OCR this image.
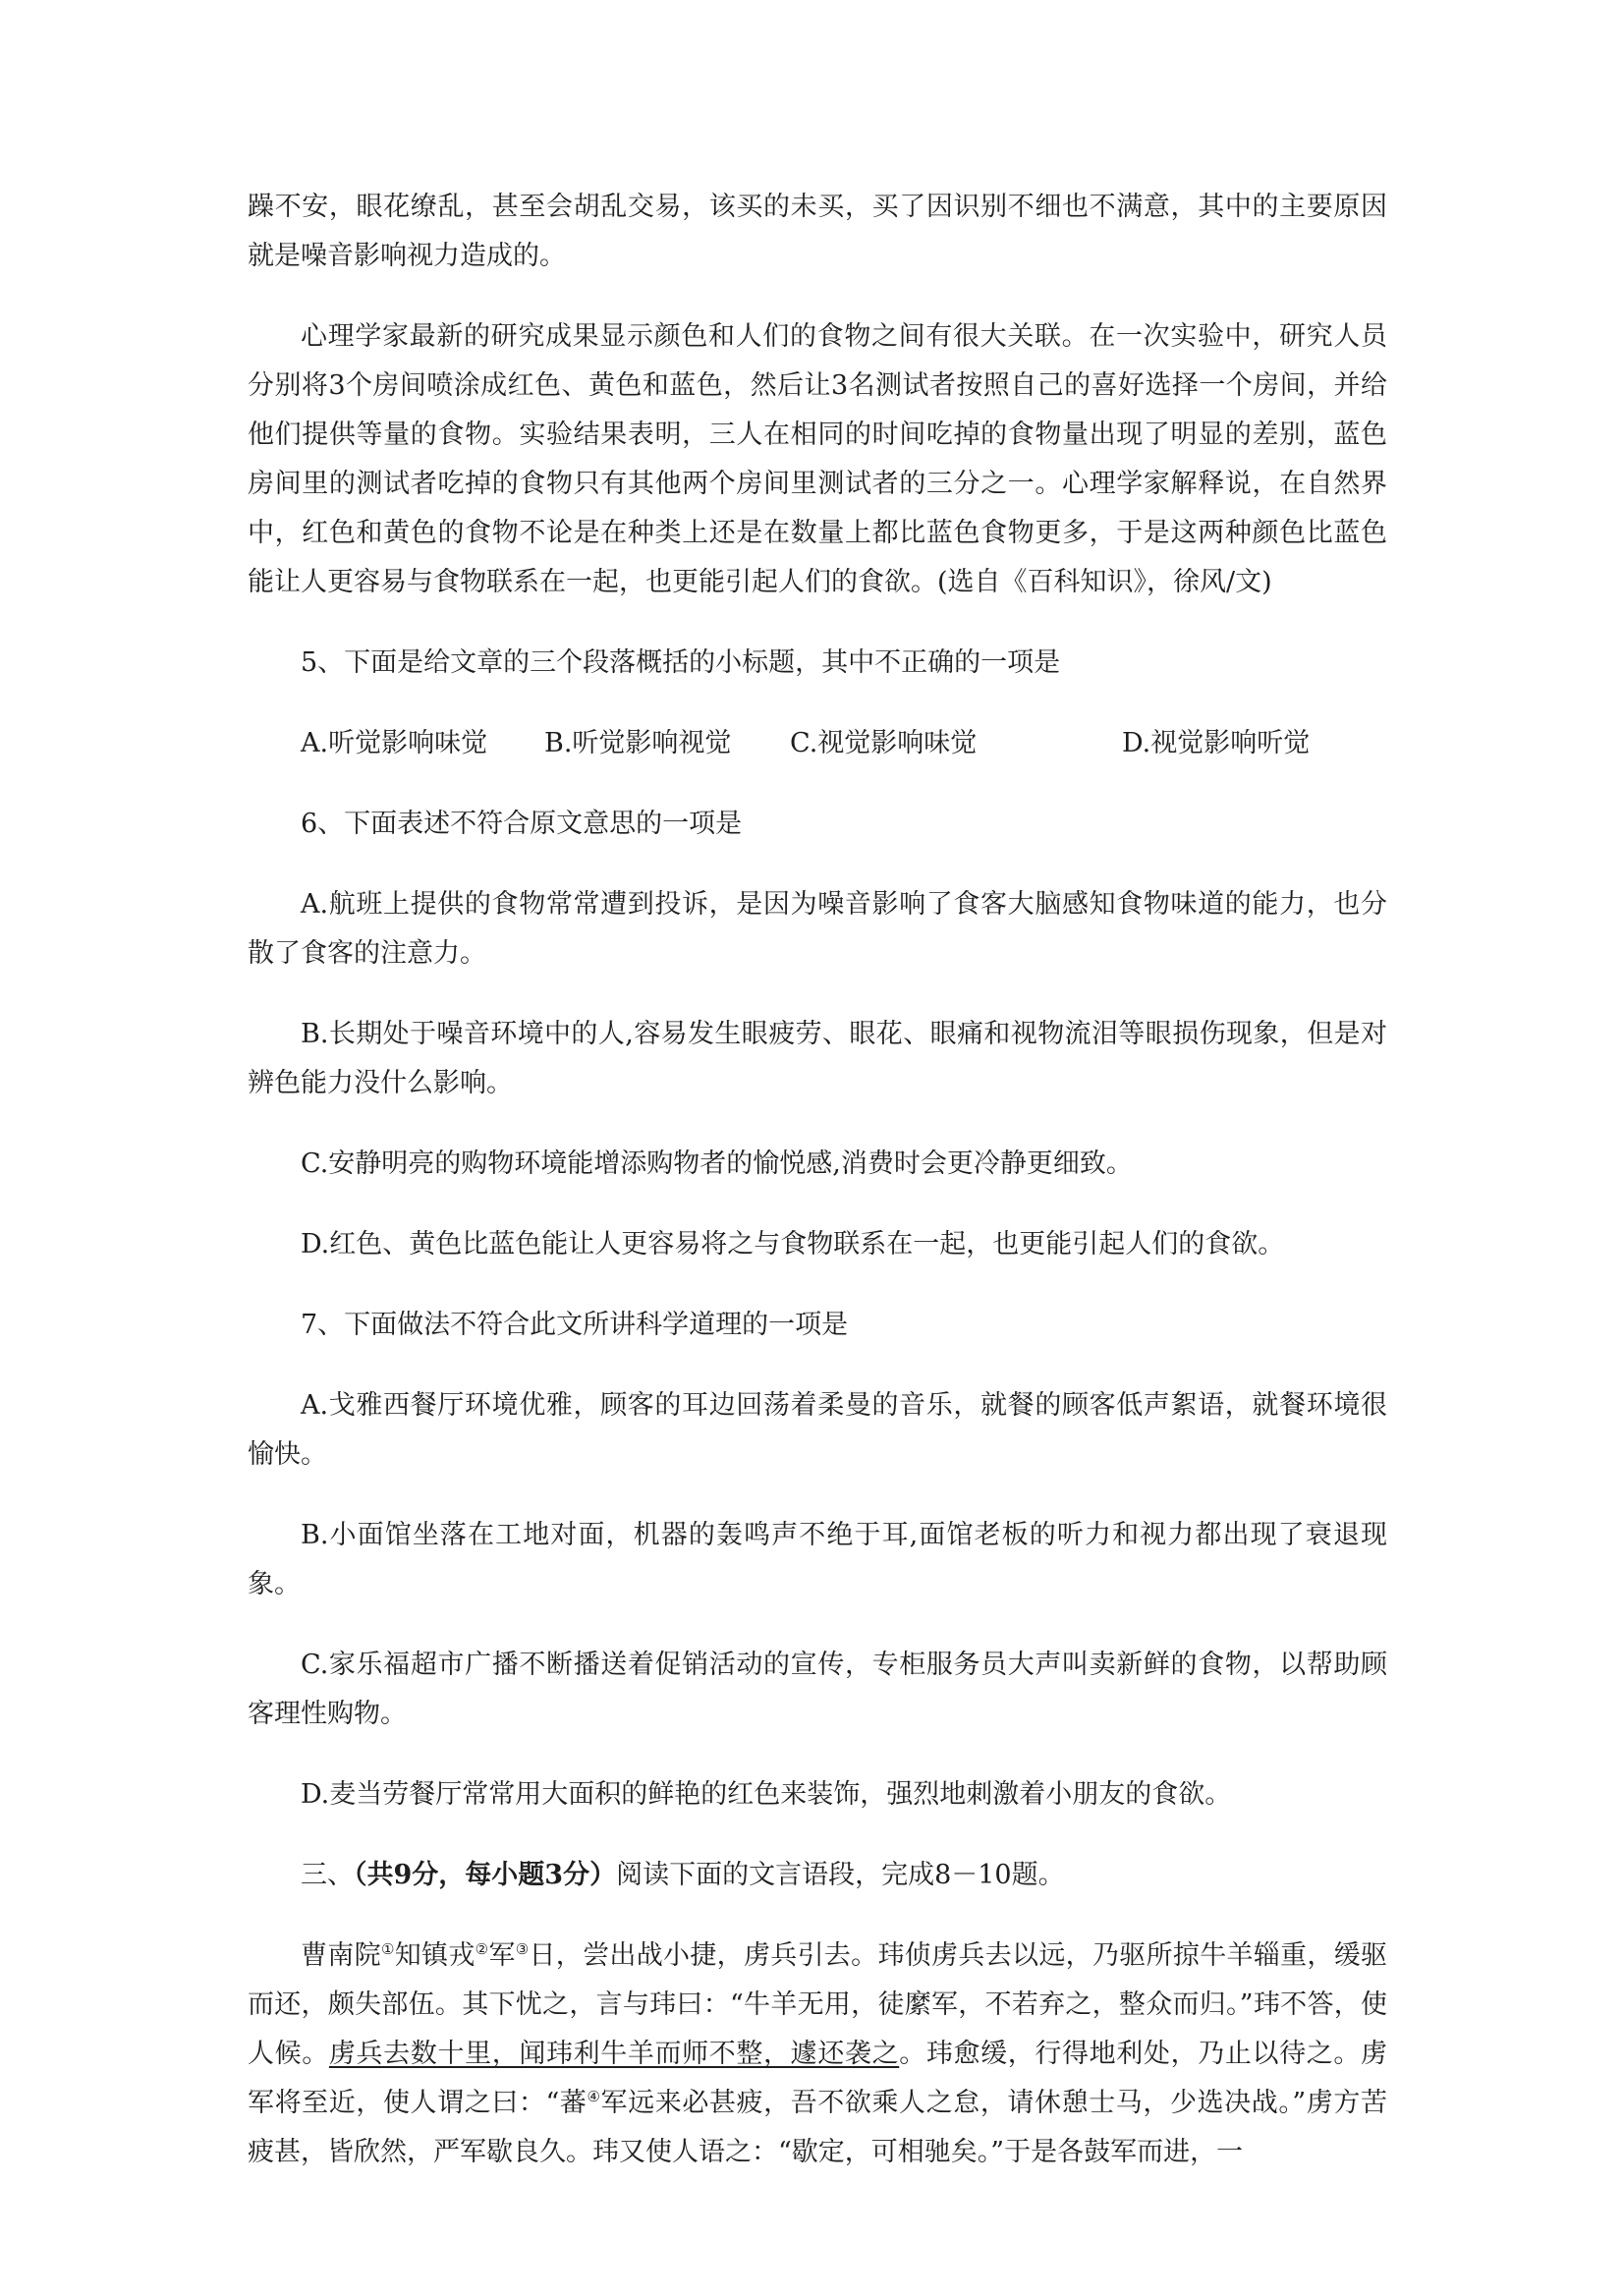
躁不安，眼花缭乱，甚至会胡乱交易，该买的未买，买了因识别不细也不满意，其中的主要原因就是噪音影响视力造成的。

心理学家最新的研究成果显示颜色和人们的食物之间有很大关联。在一次实验中，研究人员分别将3个房间喷涂成红色、黄色和蓝色，然后让3名测试者按照自己的喜好选择一个房间，并给他们提供等量的食物。实验结果表明，三人在相同的时间吃掉的食物量出现了明显的差别，蓝色房间里的测试者吃掉的食物只有其他两个房间里测试者的三分之一。心理学家解释说，在自然界中，红色和黄色的食物不论是在种类上还是在数量上都比蓝色食物更多，于是这两种颜色比蓝色能让人更容易与食物联系在一起，也更能引起人们的食欲。(选自《百科知识》，徐风/文)

5、下面是给文章的三个段落概括的小标题，其中不正确的一项是

A.听觉影响味觉 B.听觉影响视觉 C.视觉影响味觉	D.视觉影响听觉

6、下面表述不符合原文意思的一项是

A.航班上提供的食物常常遭到投诉，是因为噪音影响了食客大脑感知食物味道的能力，也分散了食客的注意力。

B.长期处于噪音环境中的人,容易发生眼疲劳、眼花、眼痛和视物流泪等眼损伤现象，但是对辨色能力没什么影响。

C.安静明亮的购物环境能增添购物者的愉悦感,消费时会更冷静更细致。

D.红色、黄色比蓝色能让人更容易将之与食物联系在一起，也更能引起人们的食欲。

7、下面做法不符合此文所讲科学道理的一项是

A.戈雅西餐厅环境优雅，顾客的耳边回荡着柔曼的音乐，就餐的顾客低声絮语，就餐环境很愉快。

B.小面馆坐落在工地对面，机器的轰鸣声不绝于耳,面馆老板的听力和视力都出现了衰退现象。

C.家乐福超市广播不断播送着促销活动的宣传，专柜服务员大声叫卖新鲜的食物，以帮助顾客理性购物。

D.麦当劳餐厅常常用大面积的鲜艳的红色来装饰，强烈地刺激着小朋友的食欲。

三、（共9分，每小题3分）阅读下面的文言语段，完成8－10题。

曹南院①知镇戎②军③日，尝出战小捷，虏兵引去。玮侦虏兵去以远，乃驱所掠牛羊辎重，缓驱而还，颇失部伍。其下忧之，言与玮曰：“牛羊无用，徒縻军，不若弃之，整众而归。”玮不答，使人候。虏兵去数十里，闻玮利牛羊而师不整，遽还袭之。玮愈缓，行得地利处，乃止以待之。虏军将至近，使人谓之曰：“蕃④军远来必甚疲，吾不欲乘人之怠，请休憩士马，少选决战。”虏方苦疲甚，皆欣然，严军歇良久。玮又使人语之：“歇定，可相驰矣。”于是各鼓军而进，一
